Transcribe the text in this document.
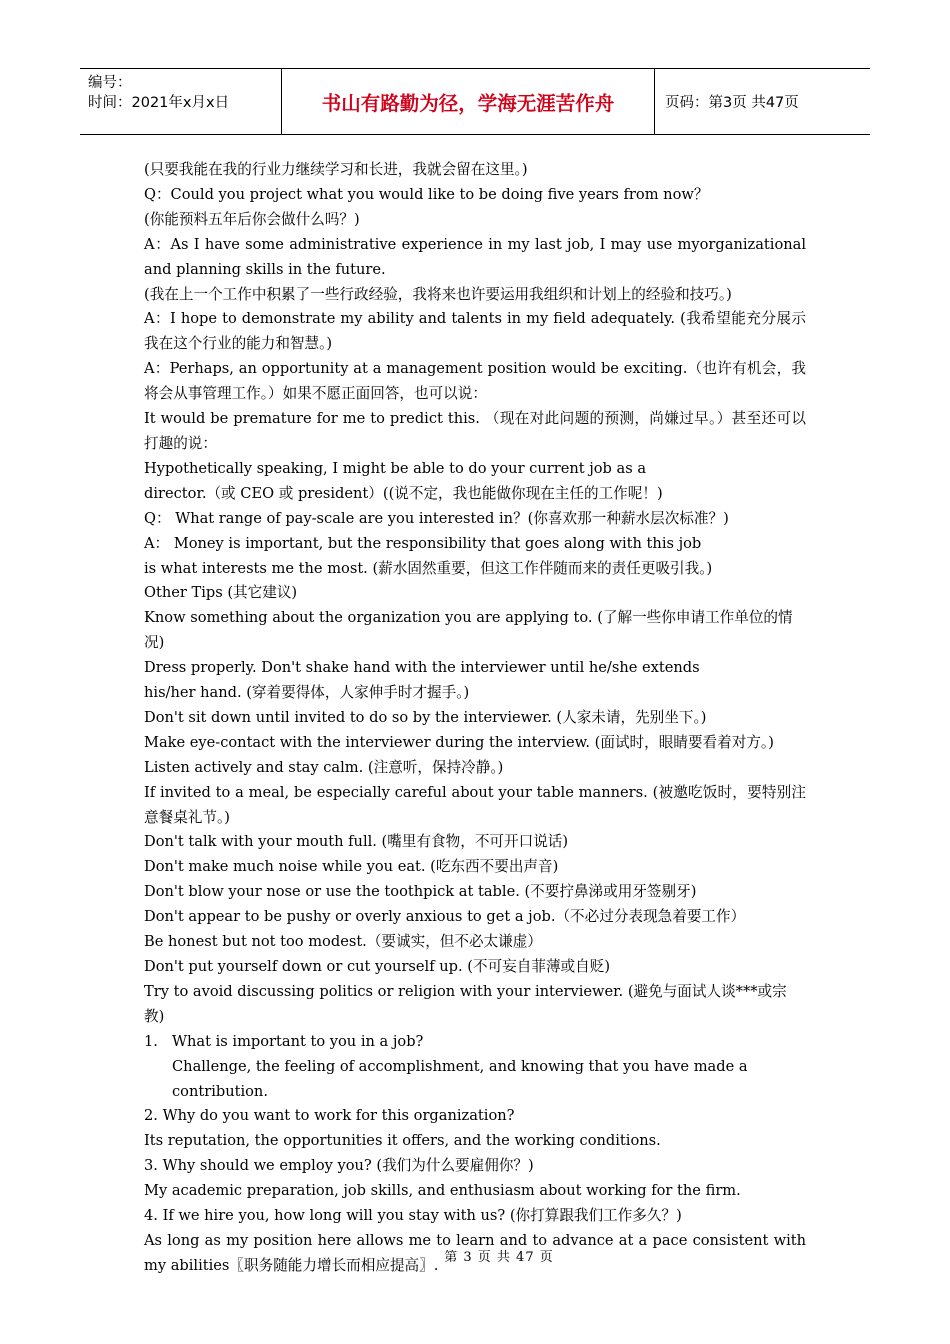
编号：
时间：2021年x月x日	书山有路勤为径，学海无涯苦作舟	页码：第3页 共47页

(只要我能在我的行业力继续学习和长进，我就会留在这里。)

Q：Could you project what you would like to be doing five years from now？

(你能预料五年后你会做什么吗？)

A：As I have some administrative experience in my last job, I may use myorganizational and planning skills in the future.

(我在上一个工作中积累了一些行政经验，我将来也许要运用我组织和计划上的经验和技巧。)

A：I hope to demonstrate my ability and talents in my field adequately. (我希望能充分展示我在这个行业的能力和智慧。)

A：Perhaps, an opportunity at a management position would be exciting.（也许有机会，我将会从事管理工作。）如果不愿正面回答，也可以说：

It would be premature for me to predict this. （现在对此问题的预测，尚嫌过早。）甚至还可以打趣的说：

Hypothetically speaking, I might be able to do your current job as a

director.（或 CEO 或 president）((说不定，我也能做你现在主任的工作呢！)

Q： What range of pay-scale are you interested in？(你喜欢那一种薪水层次标准？)

A： Money is important, but the responsibility that goes along with this job

is what interests me the most. (薪水固然重要，但这工作伴随而来的责任更吸引我。)

Other Tips (其它建议)

Know something about the organization you are applying to. (了解一些你申请工作单位的情况)

Dress properly. Don't shake hand with the interviewer until he/she extends

his/her hand. (穿着要得体，人家伸手时才握手。)

Don't sit down until invited to do so by the interviewer. (人家未请，先别坐下。)

Make eye-contact with the interviewer during the interview. (面试时，眼睛要看着对方。)

Listen actively and stay calm. (注意听，保持冷静。)

If invited to a meal, be especially careful about your table manners. (被邀吃饭时，要特别注意餐桌礼节。)

Don't talk with your mouth full. (嘴里有食物，不可开口说话)

Don't make much noise while you eat. (吃东西不要出声音)

Don't blow your nose or use the toothpick at table. (不要拧鼻涕或用牙签剔牙)

Don't appear to be pushy or overly anxious to get a job.（不必过分表现急着要工作）

Be honest but not too modest.（要诚实，但不必太谦虚）

Don't put yourself down or cut yourself up. (不可妄自菲薄或自贬)

Try to avoid discussing politics or religion with your interviewer. (避免与面试人谈***或宗教)

1. What is important to you in a job?

Challenge, the feeling of accomplishment, and knowing that you have made a contribution.

2. Why do you want to work for this organization?

Its reputation, the opportunities it offers, and the working conditions.

3. Why should we employ you? (我们为什么要雇佣你？)

My academic preparation, job skills, and enthusiasm about working for the firm.

4. If we hire you, how long will you stay with us? (你打算跟我们工作多久？)

As long as my position here allows me to learn and to advance at a pace consistent with my abilities〖职务随能力增长而相应提高〗. 第 3 页 共 47 页
